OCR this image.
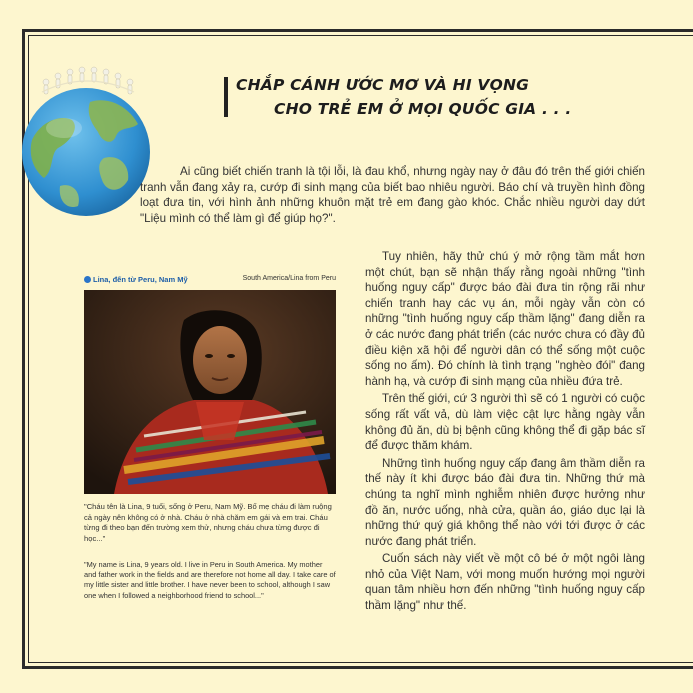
CHẮP CÁNH ƯỚC MƠ VÀ HI VỌNG
CHO TRẺ EM Ở MỌI QUỐC GIA . . .

Ai cũng biết chiến tranh là tội lỗi, là đau khổ, nhưng ngày nay ở đâu đó trên thế giới chiến tranh vẫn đang xảy ra, cướp đi sinh mạng của biết bao nhiêu người. Báo chí và truyền hình đồng loạt đưa tin, với hình ảnh những khuôn mặt trẻ em đang gào khóc. Chắc nhiều người day dứt "Liệu mình có thể làm gì để giúp họ?".

Lina, đến từ Peru, Nam Mỹ	South America/Lina from Peru
"Cháu tên là Lina, 9 tuổi, sống ở Peru, Nam Mỹ. Bố mẹ cháu đi làm ruộng cả ngày nên không có ở nhà. Cháu ở nhà chăm em gái và em trai. Cháu từng đi theo bạn đến trường xem thử, nhưng cháu chưa từng được đi học..."
"My name is Lina, 9 years old. I live in Peru in South America. My mother and father work in the fields and are therefore not home all day. I take care of my little sister and little brother. I have never been to school, although I saw one when I followed a neighborhood friend to school..."

Tuy nhiên, hãy thử chú ý mở rộng tầm mắt hơn một chút, bạn sẽ nhận thấy rằng ngoài những "tình huống nguy cấp" được báo đài đưa tin rộng rãi như chiến tranh hay các vụ án, mỗi ngày vẫn còn có những "tình huống nguy cấp thầm lặng" đang diễn ra ở các nước đang phát triển (các nước chưa có đầy đủ điều kiện xã hội để người dân có thể sống một cuộc sống no ấm). Đó chính là tình trạng "nghèo đói" đang hành hạ, và cướp đi sinh mạng của nhiều đứa trẻ.

Trên thế giới, cứ 3 người thì sẽ có 1 người có cuộc sống rất vất vả, dù làm việc cật lực hằng ngày vẫn không đủ ăn, dù bị bệnh cũng không thể đi gặp bác sĩ để được thăm khám.

Những tình huống nguy cấp đang âm thầm diễn ra thế này ít khi được báo đài đưa tin. Những thứ mà chúng ta nghĩ mình nghiễm nhiên được hưởng như đồ ăn, nước uống, nhà cửa, quần áo, giáo dục lại là những thứ quý giá không thể nào với tới được ở các nước đang phát triển.

Cuốn sách này viết về một cô bé ở một ngôi làng nhỏ của Việt Nam, với mong muốn hướng mọi người quan tâm nhiều hơn đến những "tình huống nguy cấp thầm lặng" như thế.
